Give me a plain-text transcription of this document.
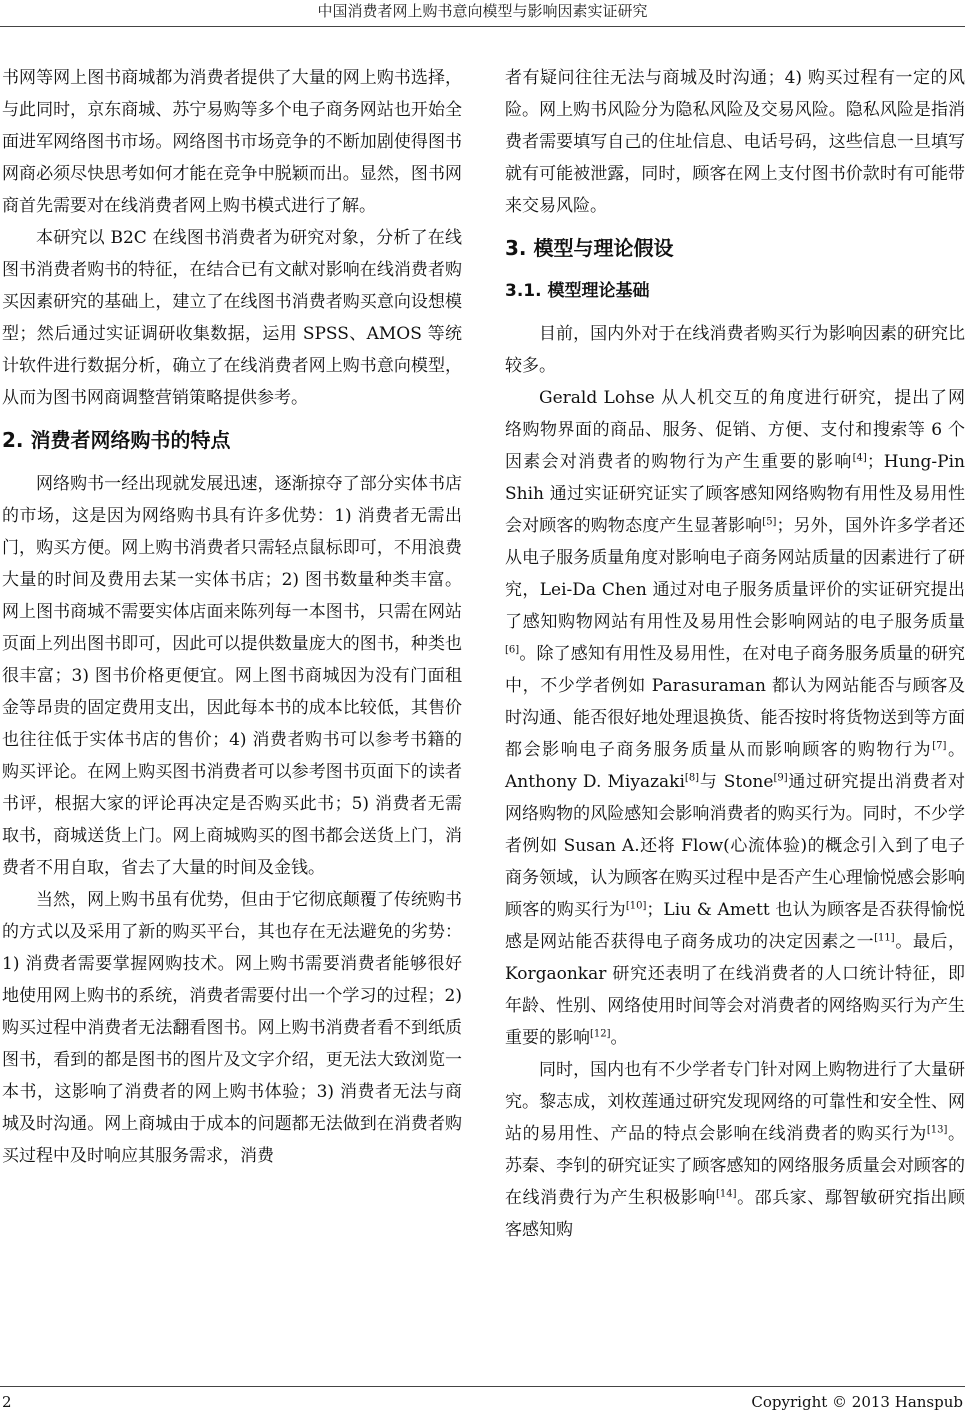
中国消费者网上购书意向模型与影响因素实证研究

书网等网上图书商城都为消费者提供了大量的网上购书选择，与此同时，京东商城、苏宁易购等多个电子商务网站也开始全面进军网络图书市场。网络图书市场竞争的不断加剧使得图书网商必须尽快思考如何才能在竞争中脱颖而出。显然，图书网商首先需要对在线消费者网上购书模式进行了解。

本研究以 B2C 在线图书消费者为研究对象，分析了在线图书消费者购书的特征，在结合已有文献对影响在线消费者购买因素研究的基础上，建立了在线图书消费者购买意向设想模型；然后通过实证调研收集数据，运用 SPSS、AMOS 等统计软件进行数据分析，确立了在线消费者网上购书意向模型，从而为图书网商调整营销策略提供参考。

2. 消费者网络购书的特点

网络购书一经出现就发展迅速，逐渐掠夺了部分实体书店的市场，这是因为网络购书具有许多优势：1) 消费者无需出门，购买方便。网上购书消费者只需轻点鼠标即可，不用浪费大量的时间及费用去某一实体书店；2) 图书数量种类丰富。网上图书商城不需要实体店面来陈列每一本图书，只需在网站页面上列出图书即可，因此可以提供数量庞大的图书，种类也很丰富；3) 图书价格更便宜。网上图书商城因为没有门面租金等昂贵的固定费用支出，因此每本书的成本比较低，其售价也往往低于实体书店的售价；4) 消费者购书可以参考书籍的购买评论。在网上购买图书消费者可以参考图书页面下的读者书评，根据大家的评论再决定是否购买此书；5) 消费者无需取书，商城送货上门。网上商城购买的图书都会送货上门，消费者不用自取，省去了大量的时间及金钱。

当然，网上购书虽有优势，但由于它彻底颠覆了传统购书的方式以及采用了新的购买平台，其也存在无法避免的劣势：1) 消费者需要掌握网购技术。网上购书需要消费者能够很好地使用网上购书的系统，消费者需要付出一个学习的过程；2) 购买过程中消费者无法翻看图书。网上购书消费者看不到纸质图书，看到的都是图书的图片及文字介绍，更无法大致浏览一本书，这影响了消费者的网上购书体验；3) 消费者无法与商城及时沟通。网上商城由于成本的问题都无法做到在消费者购买过程中及时响应其服务需求，消费

者有疑问往往无法与商城及时沟通；4) 购买过程有一定的风险。网上购书风险分为隐私风险及交易风险。隐私风险是指消费者需要填写自己的住址信息、电话号码，这些信息一旦填写就有可能被泄露，同时，顾客在网上支付图书价款时有可能带来交易风险。

3. 模型与理论假设
3.1. 模型理论基础

目前，国内外对于在线消费者购买行为影响因素的研究比较多。

Gerald Lohse 从人机交互的角度进行研究，提出了网络购物界面的商品、服务、促销、方便、支付和搜索等 6 个因素会对消费者的购物行为产生重要的影响[4]；Hung-Pin Shih 通过实证研究证实了顾客感知网络购物有用性及易用性会对顾客的购物态度产生显著影响[5]；另外，国外许多学者还从电子服务质量角度对影响电子商务网站质量的因素进行了研究，Lei-Da Chen 通过对电子服务质量评价的实证研究提出了感知购物网站有用性及易用性会影响网站的电子服务质量[6]。除了感知有用性及易用性，在对电子商务服务质量的研究中，不少学者例如 Parasuraman 都认为网站能否与顾客及时沟通、能否很好地处理退换货、能否按时将货物送到等方面都会影响电子商务服务质量从而影响顾客的购物行为[7]。Anthony D. Miyazaki[8]与 Stone[9]通过研究提出消费者对网络购物的风险感知会影响消费者的购买行为。同时，不少学者例如 Susan A.还将 Flow(心流体验)的概念引入到了电子商务领域，认为顾客在购买过程中是否产生心理愉悦感会影响顾客的购买行为[10]；Liu & Amett 也认为顾客是否获得愉悦感是网站能否获得电子商务成功的决定因素之一[11]。最后，Korgaonkar 研究还表明了在线消费者的人口统计特征，即年龄、性别、网络使用时间等会对消费者的网络购买行为产生重要的影响[12]。

同时，国内也有不少学者专门针对网上购物进行了大量研究。黎志成，刘枚莲通过研究发现网络的可靠性和安全性、网站的易用性、产品的特点会影响在线消费者的购买行为[13]。苏秦、李钊的研究证实了顾客感知的网络服务质量会对顾客的在线消费行为产生积极影响[14]。邵兵家、鄢智敏研究指出顾客感知购

2	Copyright © 2013 Hanspub
